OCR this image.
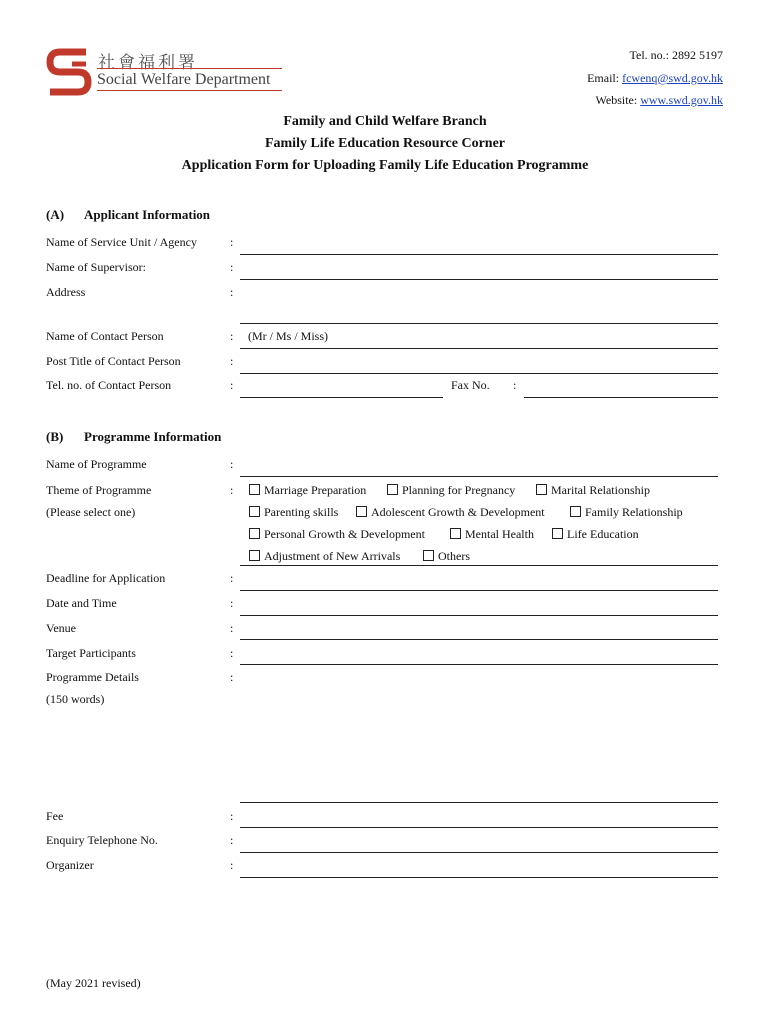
社會福利署
Social Welfare Department
Tel. no.: 2892 5197
Email: fcwenq@swd.gov.hk
Website: www.swd.gov.hk
Family and Child Welfare Branch
Family Life Education Resource Corner
Application Form for Uploading Family Life Education Programme
(A) Applicant Information
Name of Service Unit / Agency	:
Name of Supervisor:	:
Address	:
Name of Contact Person	: (Mr / Ms / Miss)
Post Title of Contact Person	:
Tel. no. of Contact Person	:	Fax No. :
(B) Programme Information
Name of Programme	:
Theme of Programme	:
(Please select one)
Marriage Preparation	Planning for Pregnancy	Marital Relationship
Parenting skills	Adolescent Growth & Development	Family Relationship
Personal Growth & Development	Mental Health	Life Education
Adjustment of New Arrivals	Others
Deadline for Application	:
Date and Time	:
Venue	:
Target Participants	:
Programme Details	:
(150 words)
Fee	:
Enquiry Telephone No.	:
Organizer	:
(May 2021 revised)
